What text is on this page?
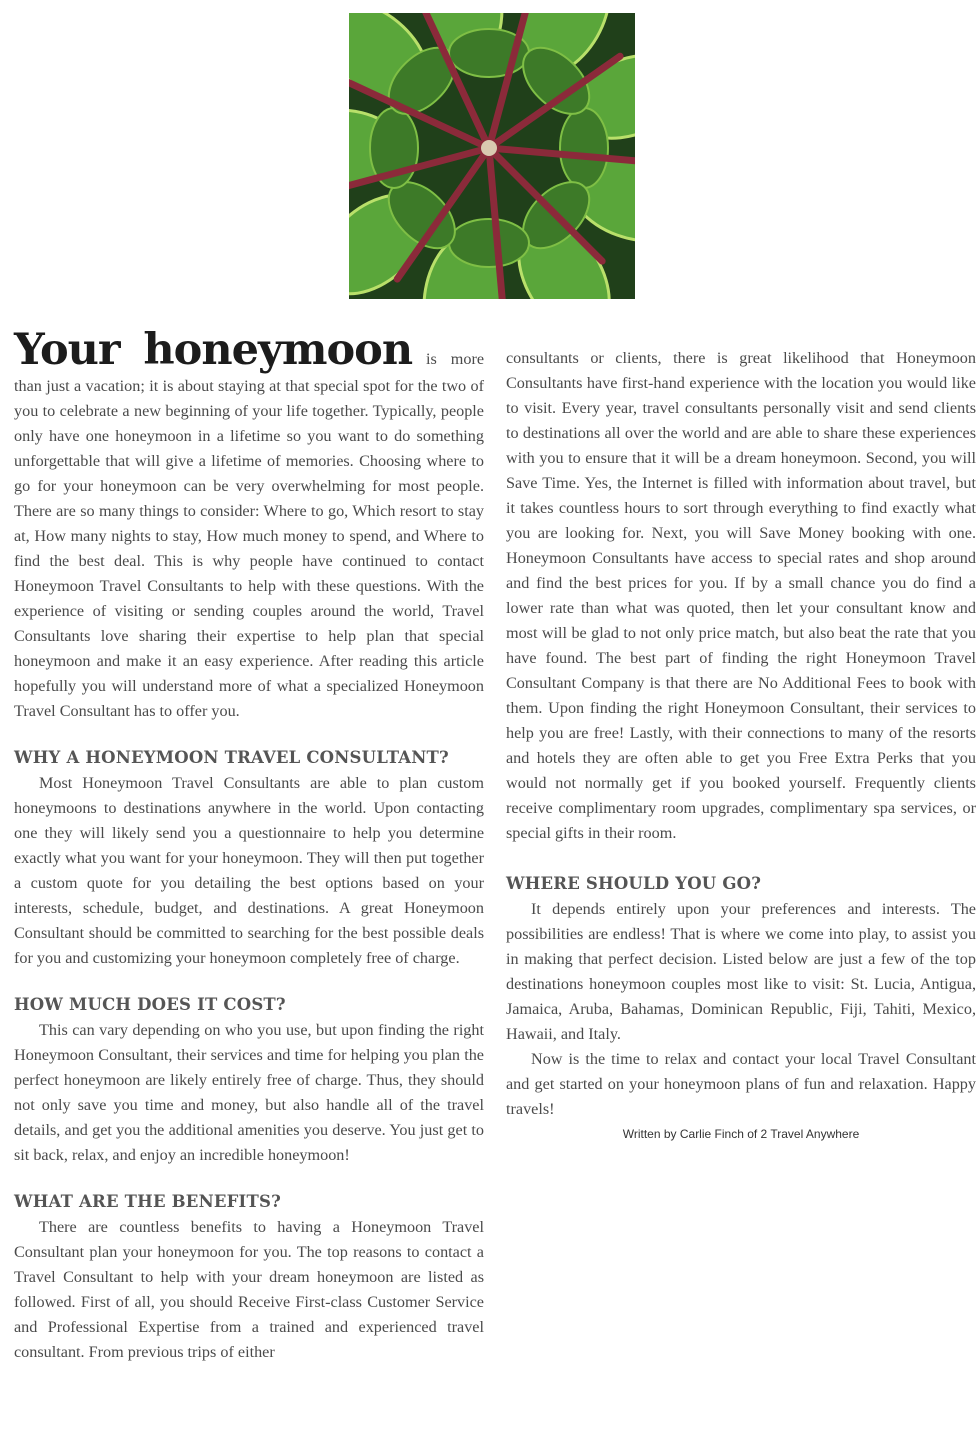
Your honeymoon is more than just a vacation; it is about staying at that special spot for the two of you to celebrate a new beginning of your life together. Typically, people only have one honeymoon in a lifetime so you want to do something unforgettable that will give a lifetime of memories. Choosing where to go for your honeymoon can be very overwhelming for most people. There are so many things to consider: Where to go, Which resort to stay at, How many nights to stay, How much money to spend, and Where to find the best deal. This is why people have continued to contact Honeymoon Travel Consultants to help with these questions. With the experience of visiting or sending couples around the world, Travel Consultants love sharing their expertise to help plan that special honeymoon and make it an easy experience. After reading this article hopefully you will understand more of what a specialized Honeymoon Travel Consultant has to offer you.

WHY A HONEYMOON TRAVEL CONSULTANT?

Most Honeymoon Travel Consultants are able to plan custom honeymoons to destinations anywhere in the world. Upon contacting one they will likely send you a questionnaire to help you determine exactly what you want for your honeymoon. They will then put together a custom quote for you detailing the best options based on your interests, schedule, budget, and destinations. A great Honeymoon Consultant should be committed to searching for the best possible deals for you and customizing your honeymoon completely free of charge.

HOW MUCH DOES IT COST?

This can vary depending on who you use, but upon finding the right Honeymoon Consultant, their services and time for helping you plan the perfect honeymoon are likely entirely free of charge. Thus, they should not only save you time and money, but also handle all of the travel details, and get you the additional amenities you deserve. You just get to sit back, relax, and enjoy an incredible honeymoon!

WHAT ARE THE BENEFITS?

There are countless benefits to having a Honeymoon Travel Consultant plan your honeymoon for you. The top reasons to contact a Travel Consultant to help with your dream honeymoon are listed as followed. First of all, you should Receive First-class Customer Service and Professional Expertise from a trained and experienced travel consultant. From previous trips of either

consultants or clients, there is great likelihood that Honeymoon Consultants have first-hand experience with the location you would like to visit. Every year, travel consultants personally visit and send clients to destinations all over the world and are able to share these experiences with you to ensure that it will be a dream honeymoon. Second, you will Save Time. Yes, the Internet is filled with information about travel, but it takes countless hours to sort through everything to find exactly what you are looking for. Next, you will Save Money booking with one. Honeymoon Consultants have access to special rates and shop around and find the best prices for you. If by a small chance you do find a lower rate than what was quoted, then let your consultant know and most will be glad to not only price match, but also beat the rate that you have found. The best part of finding the right Honeymoon Travel Consultant Company is that there are No Additional Fees to book with them. Upon finding the right Honeymoon Consultant, their services to help you are free! Lastly, with their connections to many of the resorts and hotels they are often able to get you Free Extra Perks that you would not normally get if you booked yourself. Frequently clients receive complimentary room upgrades, complimentary spa services, or special gifts in their room.

WHERE SHOULD YOU GO?

It depends entirely upon your preferences and interests. The possibilities are endless! That is where we come into play, to assist you in making that perfect decision. Listed below are just a few of the top destinations honeymoon couples most like to visit: St. Lucia, Antigua, Jamaica, Aruba, Bahamas, Dominican Republic, Fiji, Tahiti, Mexico, Hawaii, and Italy.

Now is the time to relax and contact your local Travel Consultant and get started on your honeymoon plans of fun and relaxation. Happy travels!

Written by Carlie Finch of 2 Travel Anywhere
